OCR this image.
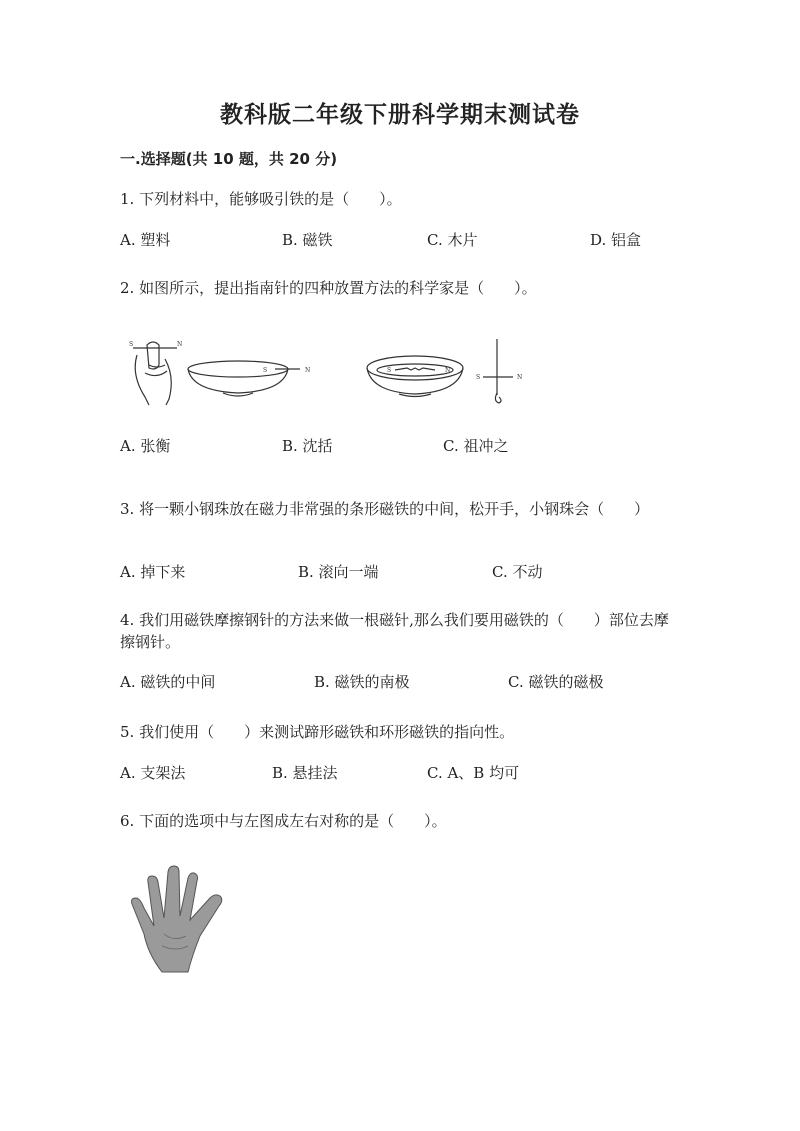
教科版二年级下册科学期末测试卷
一.选择题(共 10 题，共 20 分)
1. 下列材料中，能够吸引铁的是（　　）。
A. 塑料	B. 磁铁	C. 木片	D. 铝盒
2. 如图所示，提出指南针的四种放置方法的科学家是（　　）。
S	N
S	N	S	N
S	N
A. 张衡	B. 沈括	C. 祖冲之
3. 将一颗小钢珠放在磁力非常强的条形磁铁的中间，松开手，小钢珠会（　　）
A. 掉下来	B. 滚向一端	C. 不动
4. 我们用磁铁摩擦钢针的方法来做一根磁针,那么我们要用磁铁的（　　）部位去摩擦钢针。
A. 磁铁的中间	B. 磁铁的南极	C. 磁铁的磁极
5. 我们使用（　　）来测试蹄形磁铁和环形磁铁的指向性。
A. 支架法	B. 悬挂法	C. A、B 均可
6. 下面的选项中与左图成左右对称的是（　　）。
